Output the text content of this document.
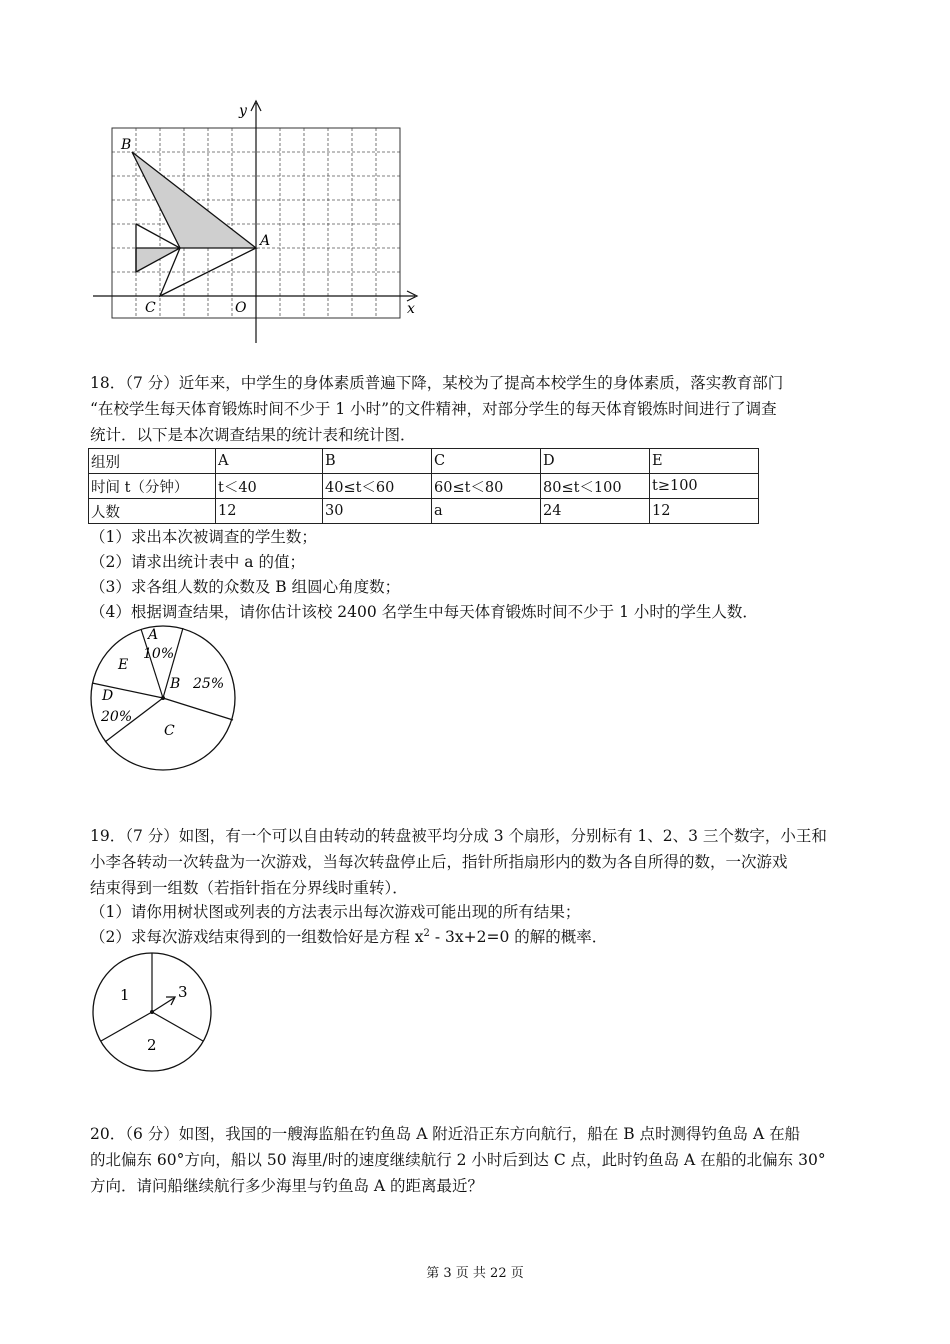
y
x
B
A
C	O
18．（7 分）近年来，中学生的身体素质普遍下降，某校为了提高本校学生的身体素质，落实教育部门
“在校学生每天体育锻炼时间不少于 1 小时”的文件精神，对部分学生的每天体育锻炼时间进行了调查
统计．以下是本次调查结果的统计表和统计图．
组别	A	B	C	D	E
时间 t（分钟）	t＜40	40≤t＜60	60≤t＜80	80≤t＜100	t≥100
人数	12	30	a	24	12
（1）求出本次被调查的学生数；
（2）请求出统计表中 a 的值；
（3）求各组人数的众数及 B 组圆心角度数；
（4）根据调查结果，请你估计该校 2400 名学生中每天体育锻炼时间不少于 1 小时的学生人数．
A
10%
B 25%
E
D
20%
C
19．（7 分）如图，有一个可以自由转动的转盘被平均分成 3 个扇形，分别标有 1、2、3 三个数字，小王和
小李各转动一次转盘为一次游戏，当每次转盘停止后，指针所指扇形内的数为各自所得的数，一次游戏
结束得到一组数（若指针指在分界线时重转）．
（1）请你用树状图或列表的方法表示出每次游戏可能出现的所有结果；
（2）求每次游戏结束得到的一组数恰好是方程 $x^2 - 3x+2=0$ 的解的概率．
1	3
2
20．（6 分）如图，我国的一艘海监船在钓鱼岛 A 附近沿正东方向航行，船在 B 点时测得钓鱼岛 A 在船
的北偏东 60°方向，船以 50 海里/时的速度继续航行 2 小时后到达 C 点，此时钓鱼岛 A 在船的北偏东 30°
方向．请问船继续航行多少海里与钓鱼岛 A 的距离最近？
第 3 页 共 22 页
